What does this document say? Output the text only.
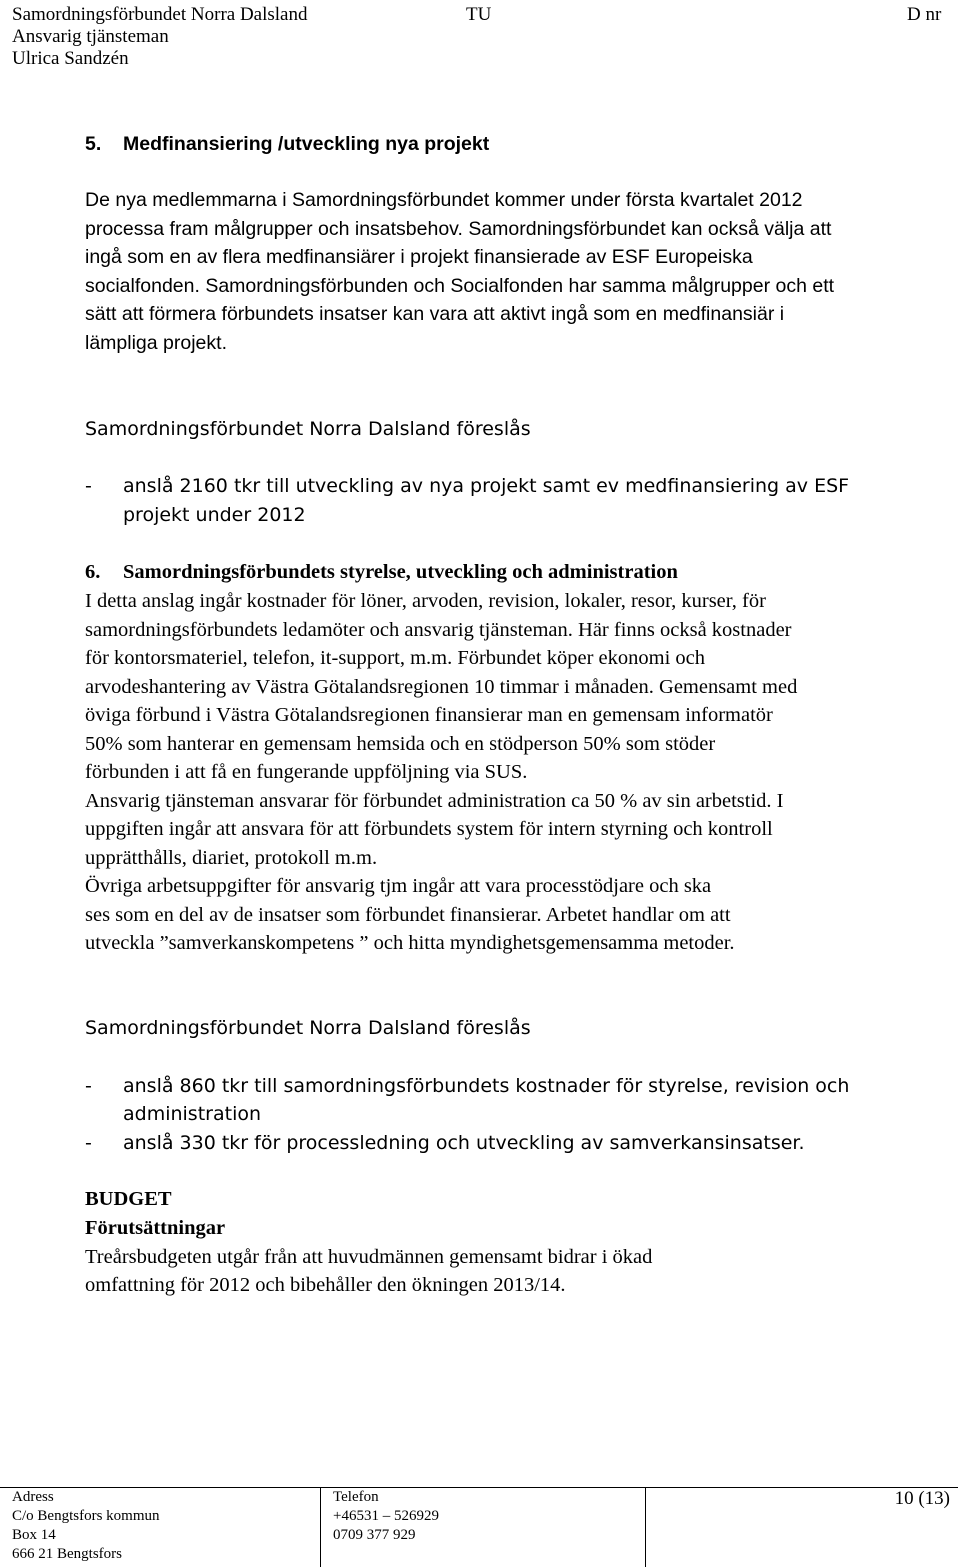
Samordningsförbundet Norra Dalsland	TU	D nr
Ansvarig tjänsteman
Ulrica Sandzén
5. Medfinansiering /utveckling nya projekt
De nya medlemmarna i Samordningsförbundet kommer under första kvartalet 2012
processa fram målgrupper och insatsbehov. Samordningsförbundet kan också välja att
ingå som en av flera medfinansiärer i projekt finansierade av ESF Europeiska
socialfonden. Samordningsförbunden och Socialfonden har samma målgrupper och ett
sätt att förmera förbundets insatser kan vara att aktivt ingå som en medfinansiär i
lämpliga projekt.
Samordningsförbundet Norra Dalsland föreslås
- anslå 2160 tkr till utveckling av nya projekt samt ev medfinansiering av ESF
projekt under 2012
6. Samordningsförbundets styrelse, utveckling och administration
I detta anslag ingår kostnader för löner, arvoden, revision, lokaler, resor, kurser, för
samordningsförbundets ledamöter och ansvarig tjänsteman. Här finns också kostnader
för kontorsmateriel, telefon, it-support, m.m. Förbundet köper ekonomi och
arvodeshantering av Västra Götalandsregionen 10 timmar i månaden. Gemensamt med
öviga förbund i Västra Götalandsregionen finansierar man en gemensam informatör
50% som hanterar en gemensam hemsida och en stödperson 50% som stöder
förbunden i att få en fungerande uppföljning via SUS.
Ansvarig tjänsteman ansvarar för förbundet administration ca 50 % av sin arbetstid. I
uppgiften ingår att ansvara för att förbundets system för intern styrning och kontroll
upprätthålls, diariet, protokoll m.m.
Övriga arbetsuppgifter för ansvarig tjm ingår att vara processtödjare och ska
ses som en del av de insatser som förbundet finansierar. Arbetet handlar om att
utveckla ”samverkanskompetens ” och hitta myndighetsgemensamma metoder.
Samordningsförbundet Norra Dalsland föreslås
- anslå 860 tkr till samordningsförbundets kostnader för styrelse, revision och
administration
- anslå 330 tkr för processledning och utveckling av samverkansinsatser.
BUDGET
Förutsättningar
Treårsbudgeten utgår från att huvudmännen gemensamt bidrar i ökad
omfattning för 2012 och bibehåller den ökningen 2013/14.
Adress
C/o Bengtsfors kommun
Box 14
666 21 Bengtsfors

Telefon
+46531 – 526929
0709 377 929

10 (13)
